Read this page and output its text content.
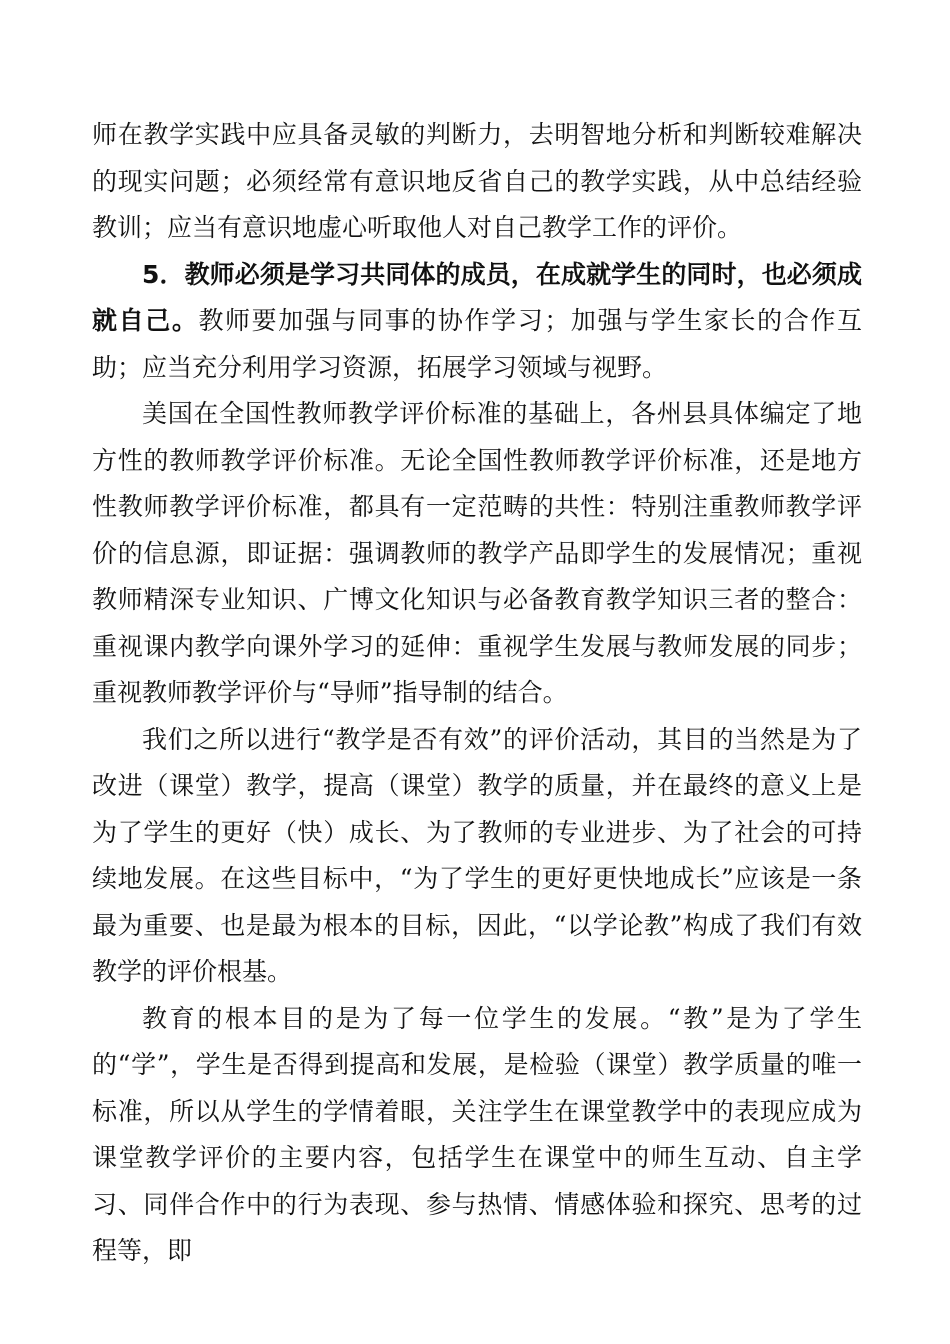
师在教学实践中应具备灵敏的判断力，去明智地分析和判断较难解决的现实问题；必须经常有意识地反省自己的教学实践，从中总结经验教训；应当有意识地虚心听取他人对自己教学工作的评价。

5．教师必须是学习共同体的成员，在成就学生的同时，也必须成就自己。教师要加强与同事的协作学习；加强与学生家长的合作互助；应当充分利用学习资源，拓展学习领域与视野。

美国在全国性教师教学评价标准的基础上，各州县具体编定了地方性的教师教学评价标准。无论全国性教师教学评价标准，还是地方性教师教学评价标准，都具有一定范畴的共性：特别注重教师教学评价的信息源，即证据：强调教师的教学产品即学生的发展情况；重视教师精深专业知识、广博文化知识与必备教育教学知识三者的整合：重视课内教学向课外学习的延伸：重视学生发展与教师发展的同步；重视教师教学评价与“导师”指导制的结合。

我们之所以进行“教学是否有效”的评价活动，其目的当然是为了改进（课堂）教学，提高（课堂）教学的质量，并在最终的意义上是为了学生的更好（快）成长、为了教师的专业进步、为了社会的可持续地发展。在这些目标中，“为了学生的更好更快地成长”应该是一条最为重要、也是最为根本的目标，因此，“以学论教”构成了我们有效教学的评价根基。

教育的根本目的是为了每一位学生的发展。“教”是为了学生的“学”，学生是否得到提高和发展，是检验（课堂）教学质量的唯一标准，所以从学生的学情着眼，关注学生在课堂教学中的表现应成为课堂教学评价的主要内容，包括学生在课堂中的师生互动、自主学习、同伴合作中的行为表现、参与热情、情感体验和探究、思考的过程等，即
